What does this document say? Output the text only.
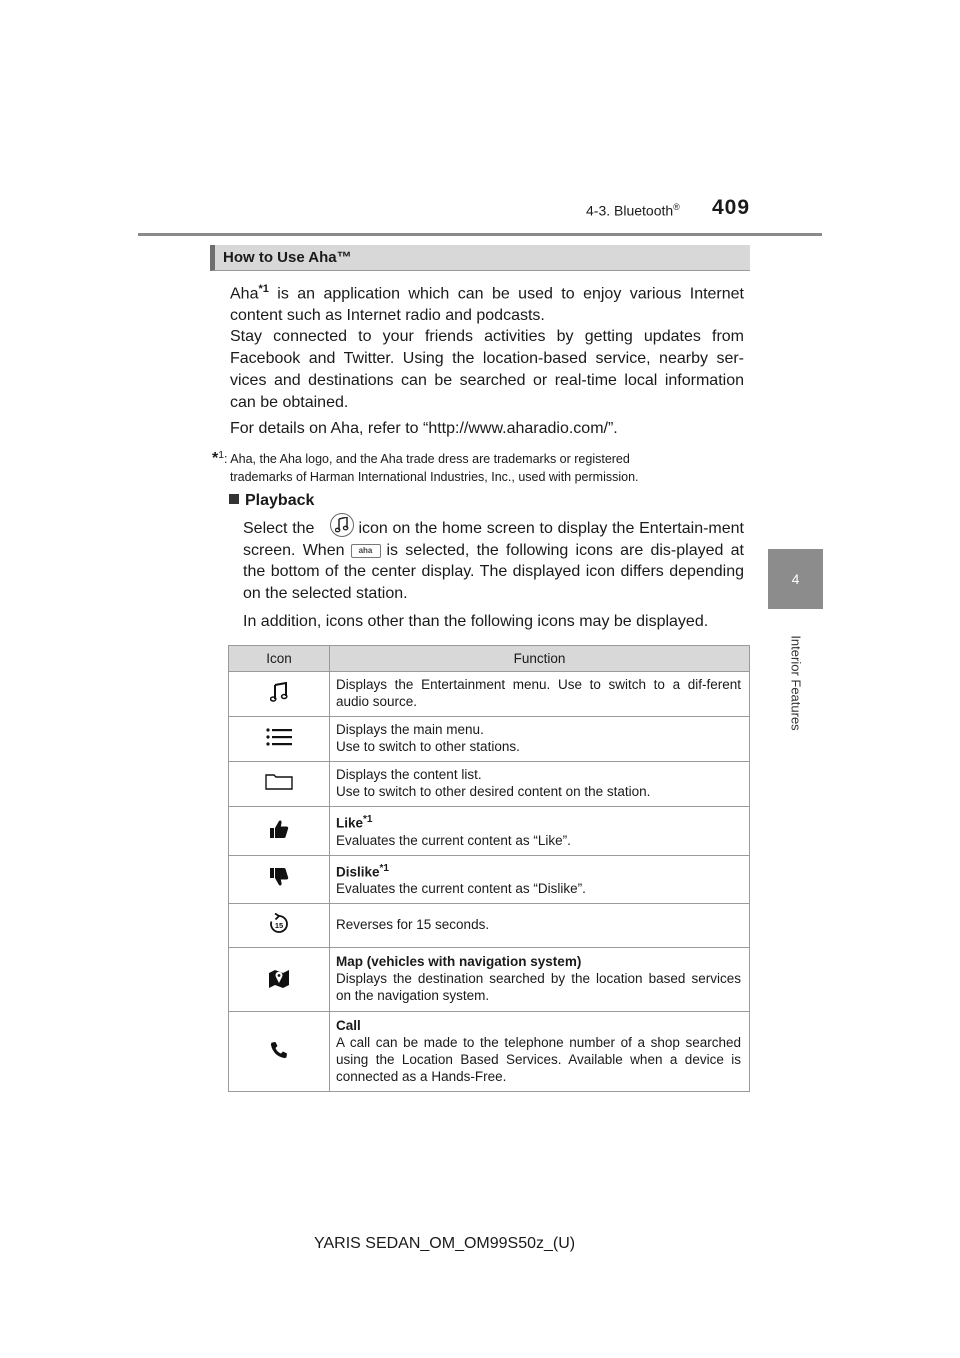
4-3. Bluetooth® 409
4
Interior Features
How to Use Aha™

Aha$^{*1}$ is an application which can be used to enjoy various Internet content such as Internet radio and podcasts.

Stay connected to your friends activities by getting updates from Facebook and Twitter. Using the location-based service, nearby ser-vices and destinations can be searched or real-time local information can be obtained.

For details on Aha, refer to “http://www.aharadio.com/”.

*$^1$: Aha, the Aha logo, and the Aha trade dress are trademarks or registered
trademarks of Harman International Industries, Inc., used with permission.
Playback

Select the	icon on the home screen to display the Entertain-ment screen. When aha is selected, the following icons are dis-played at the bottom of the center display. The displayed icon differs depending on the selected station.

In addition, icons other than the following icons may be displayed.

Icon	Function

Displays the Entertainment menu. Use to switch to a dif-ferent audio source.

Displays the main menu.
Use to switch to other stations.

Displays the content list.
Use to switch to other desired content on the station.

Like$^{*1}$
Evaluates the current content as “Like”.

Dislike$^{*1}$
Evaluates the current content as “Dislike”.

15	Reverses for 15 seconds.

Map (vehicles with navigation system)
Displays the destination searched by the location based services on the navigation system.

Call
A call can be made to the telephone number of a shop searched using the Location Based Services. Available when a device is connected as a Hands-Free.
YARIS SEDAN_OM_OM99S50z_(U)
